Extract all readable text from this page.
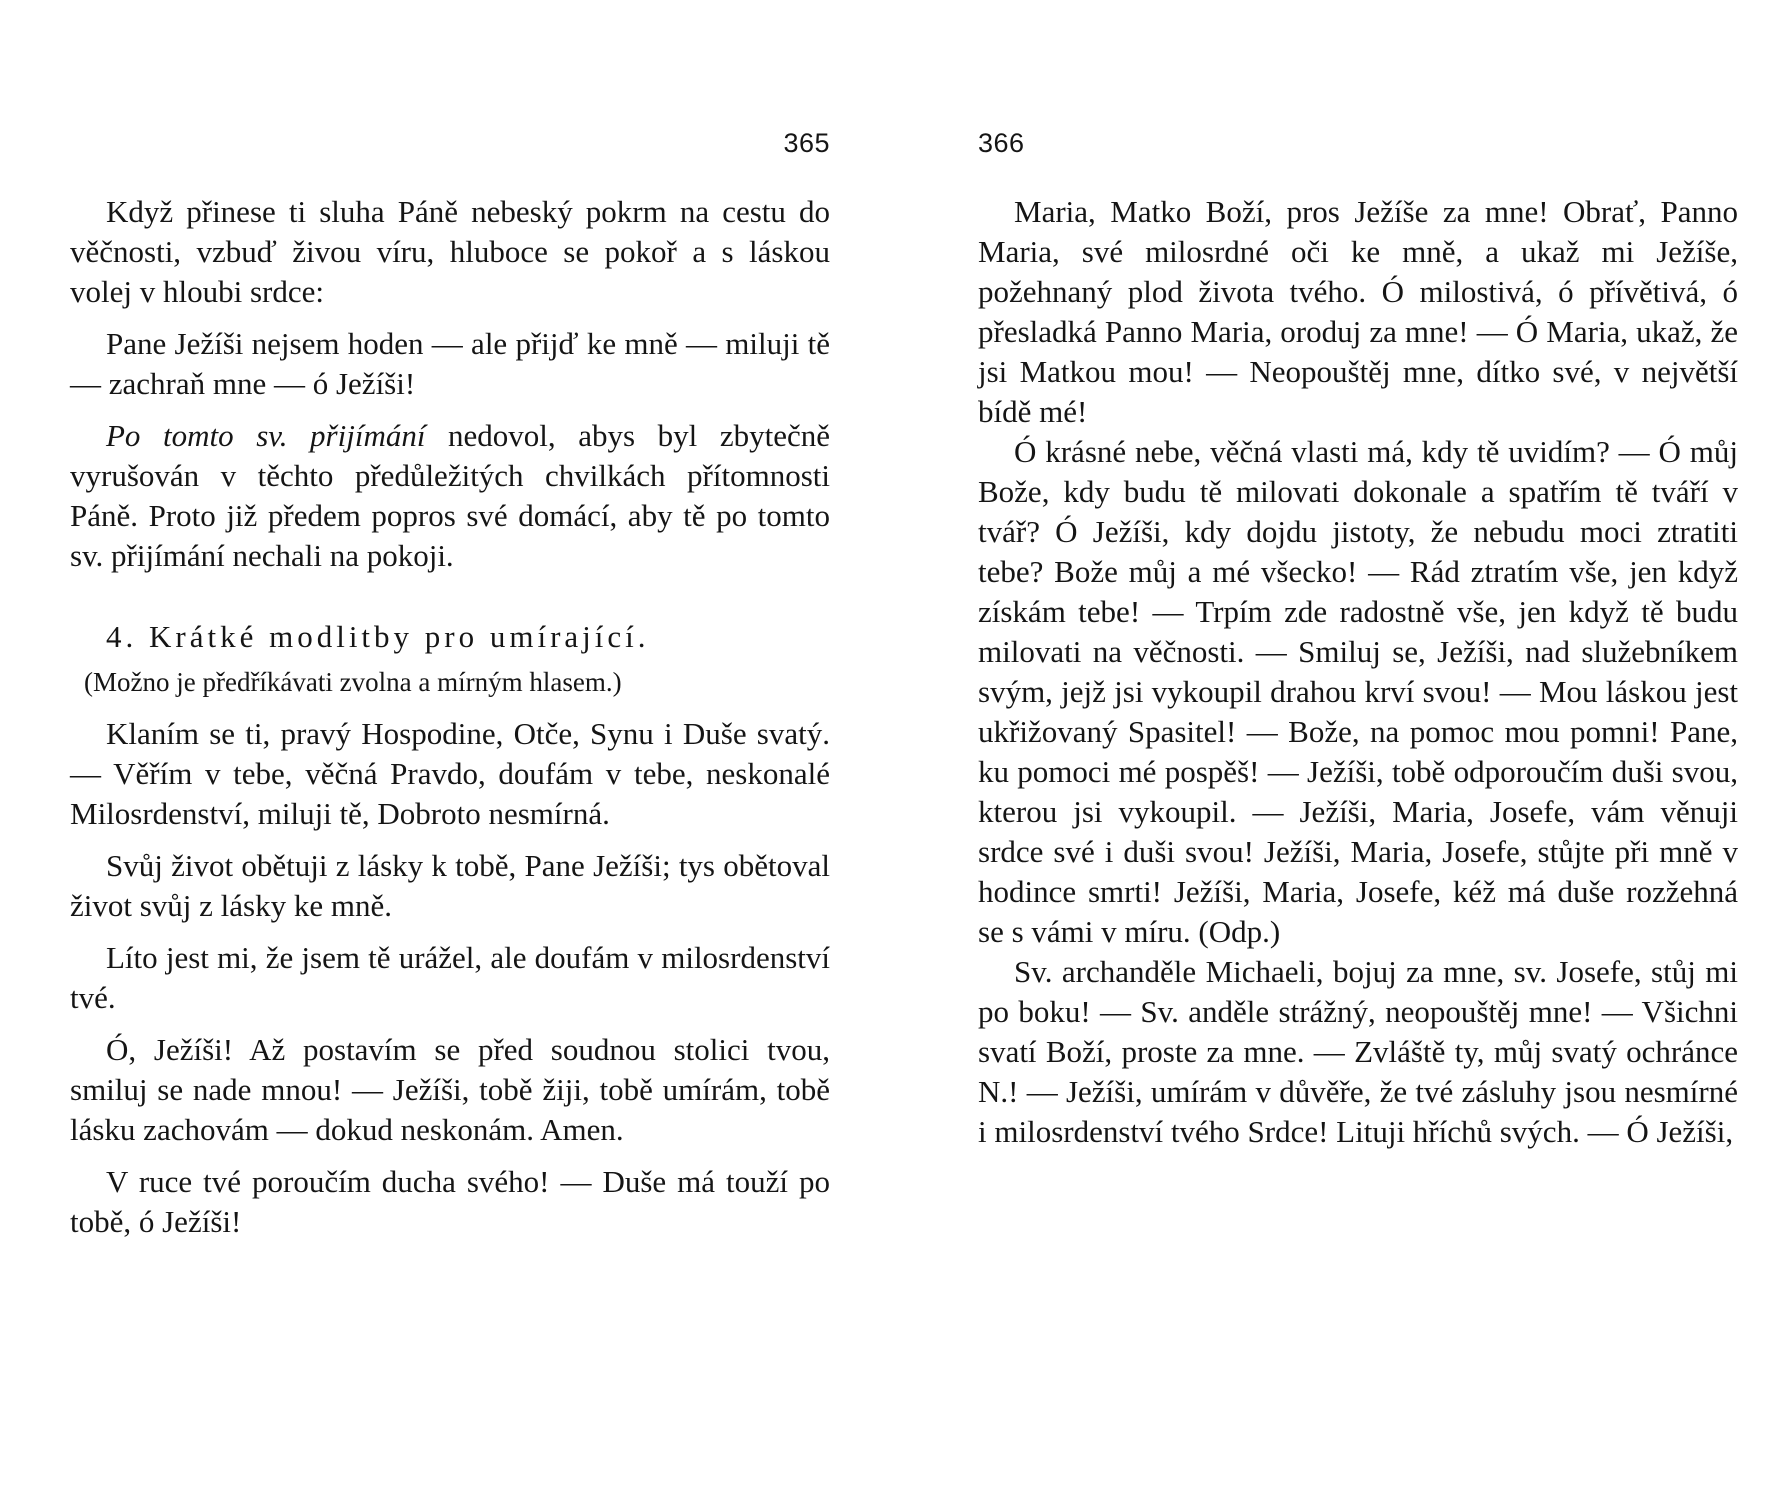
365

Když přinese ti sluha Páně nebeský pokrm na cestu do věčnosti, vzbuď živou víru, hluboce se pokoř a s láskou volej v hloubi srdce:

Pane Ježíši nejsem hoden — ale přijď ke mně — miluji tě — zachraň mne — ó Ježíši!

Po tomto sv. přijímání nedovol, abys byl zbytečně vyrušován v těchto předůležitých chvilkách přítomnosti Páně. Proto již předem popros své domácí, aby tě po tomto sv. přijímání nechali na pokoji.

4. Krátké modlitby pro umírající.

(Možno je předříkávati zvolna a mírným hlasem.)

Klaním se ti, pravý Hospodine, Otče, Synu i Duše svatý. — Věřím v tebe, věčná Pravdo, doufám v tebe, neskonalé Milosrdenství, miluji tě, Dobroto nesmírná.

Svůj život obětuji z lásky k tobě, Pane Ježíši; tys obětoval život svůj z lásky ke mně.

Líto jest mi, že jsem tě urážel, ale doufám v milosrdenství tvé.

Ó, Ježíši! Až postavím se před soudnou stolici tvou, smiluj se nade mnou! — Ježíši, tobě žiji, tobě umírám, tobě lásku zachovám — dokud neskonám. Amen.

V ruce tvé poroučím ducha svého! — Duše má touží po tobě, ó Ježíši!

366

Maria, Matko Boží, pros Ježíše za mne! Obrať, Panno Maria, své milosrdné oči ke mně, a ukaž mi Ježíše, požehnaný plod života tvého. Ó milostivá, ó přívětivá, ó přesladká Panno Maria, oroduj za mne! — Ó Maria, ukaž, že jsi Matkou mou! — Neopouštěj mne, dítko své, v největší bídě mé!

Ó krásné nebe, věčná vlasti má, kdy tě uvidím? — Ó můj Bože, kdy budu tě milovati dokonale a spatřím tě tváří v tvář? Ó Ježíši, kdy dojdu jistoty, že nebudu moci ztratiti tebe? Bože můj a mé všecko! — Rád ztratím vše, jen když získám tebe! — Trpím zde radostně vše, jen když tě budu milovati na věčnosti. — Smiluj se, Ježíši, nad služebníkem svým, jejž jsi vykoupil drahou krví svou! — Mou láskou jest ukřižovaný Spasitel! — Bože, na pomoc mou pomni! Pane, ku pomoci mé pospěš! — Ježíši, tobě odporoučím duši svou, kterou jsi vykoupil. — Ježíši, Maria, Josefe, vám věnuji srdce své i duši svou! Ježíši, Maria, Josefe, stůjte při mně v hodince smrti! Ježíši, Maria, Josefe, kéž má duše rozžehná se s vámi v míru. (Odp.)

Sv. archanděle Michaeli, bojuj za mne, sv. Josefe, stůj mi po boku! — Sv. anděle strážný, neopouštěj mne! — Všichni svatí Boží, proste za mne. — Zvláště ty, můj svatý ochránce N.! — Ježíši, umírám v důvěře, že tvé zásluhy jsou nesmírné i milosrdenství tvého Srdce! Lituji hříchů svých. — Ó Ježíši,
